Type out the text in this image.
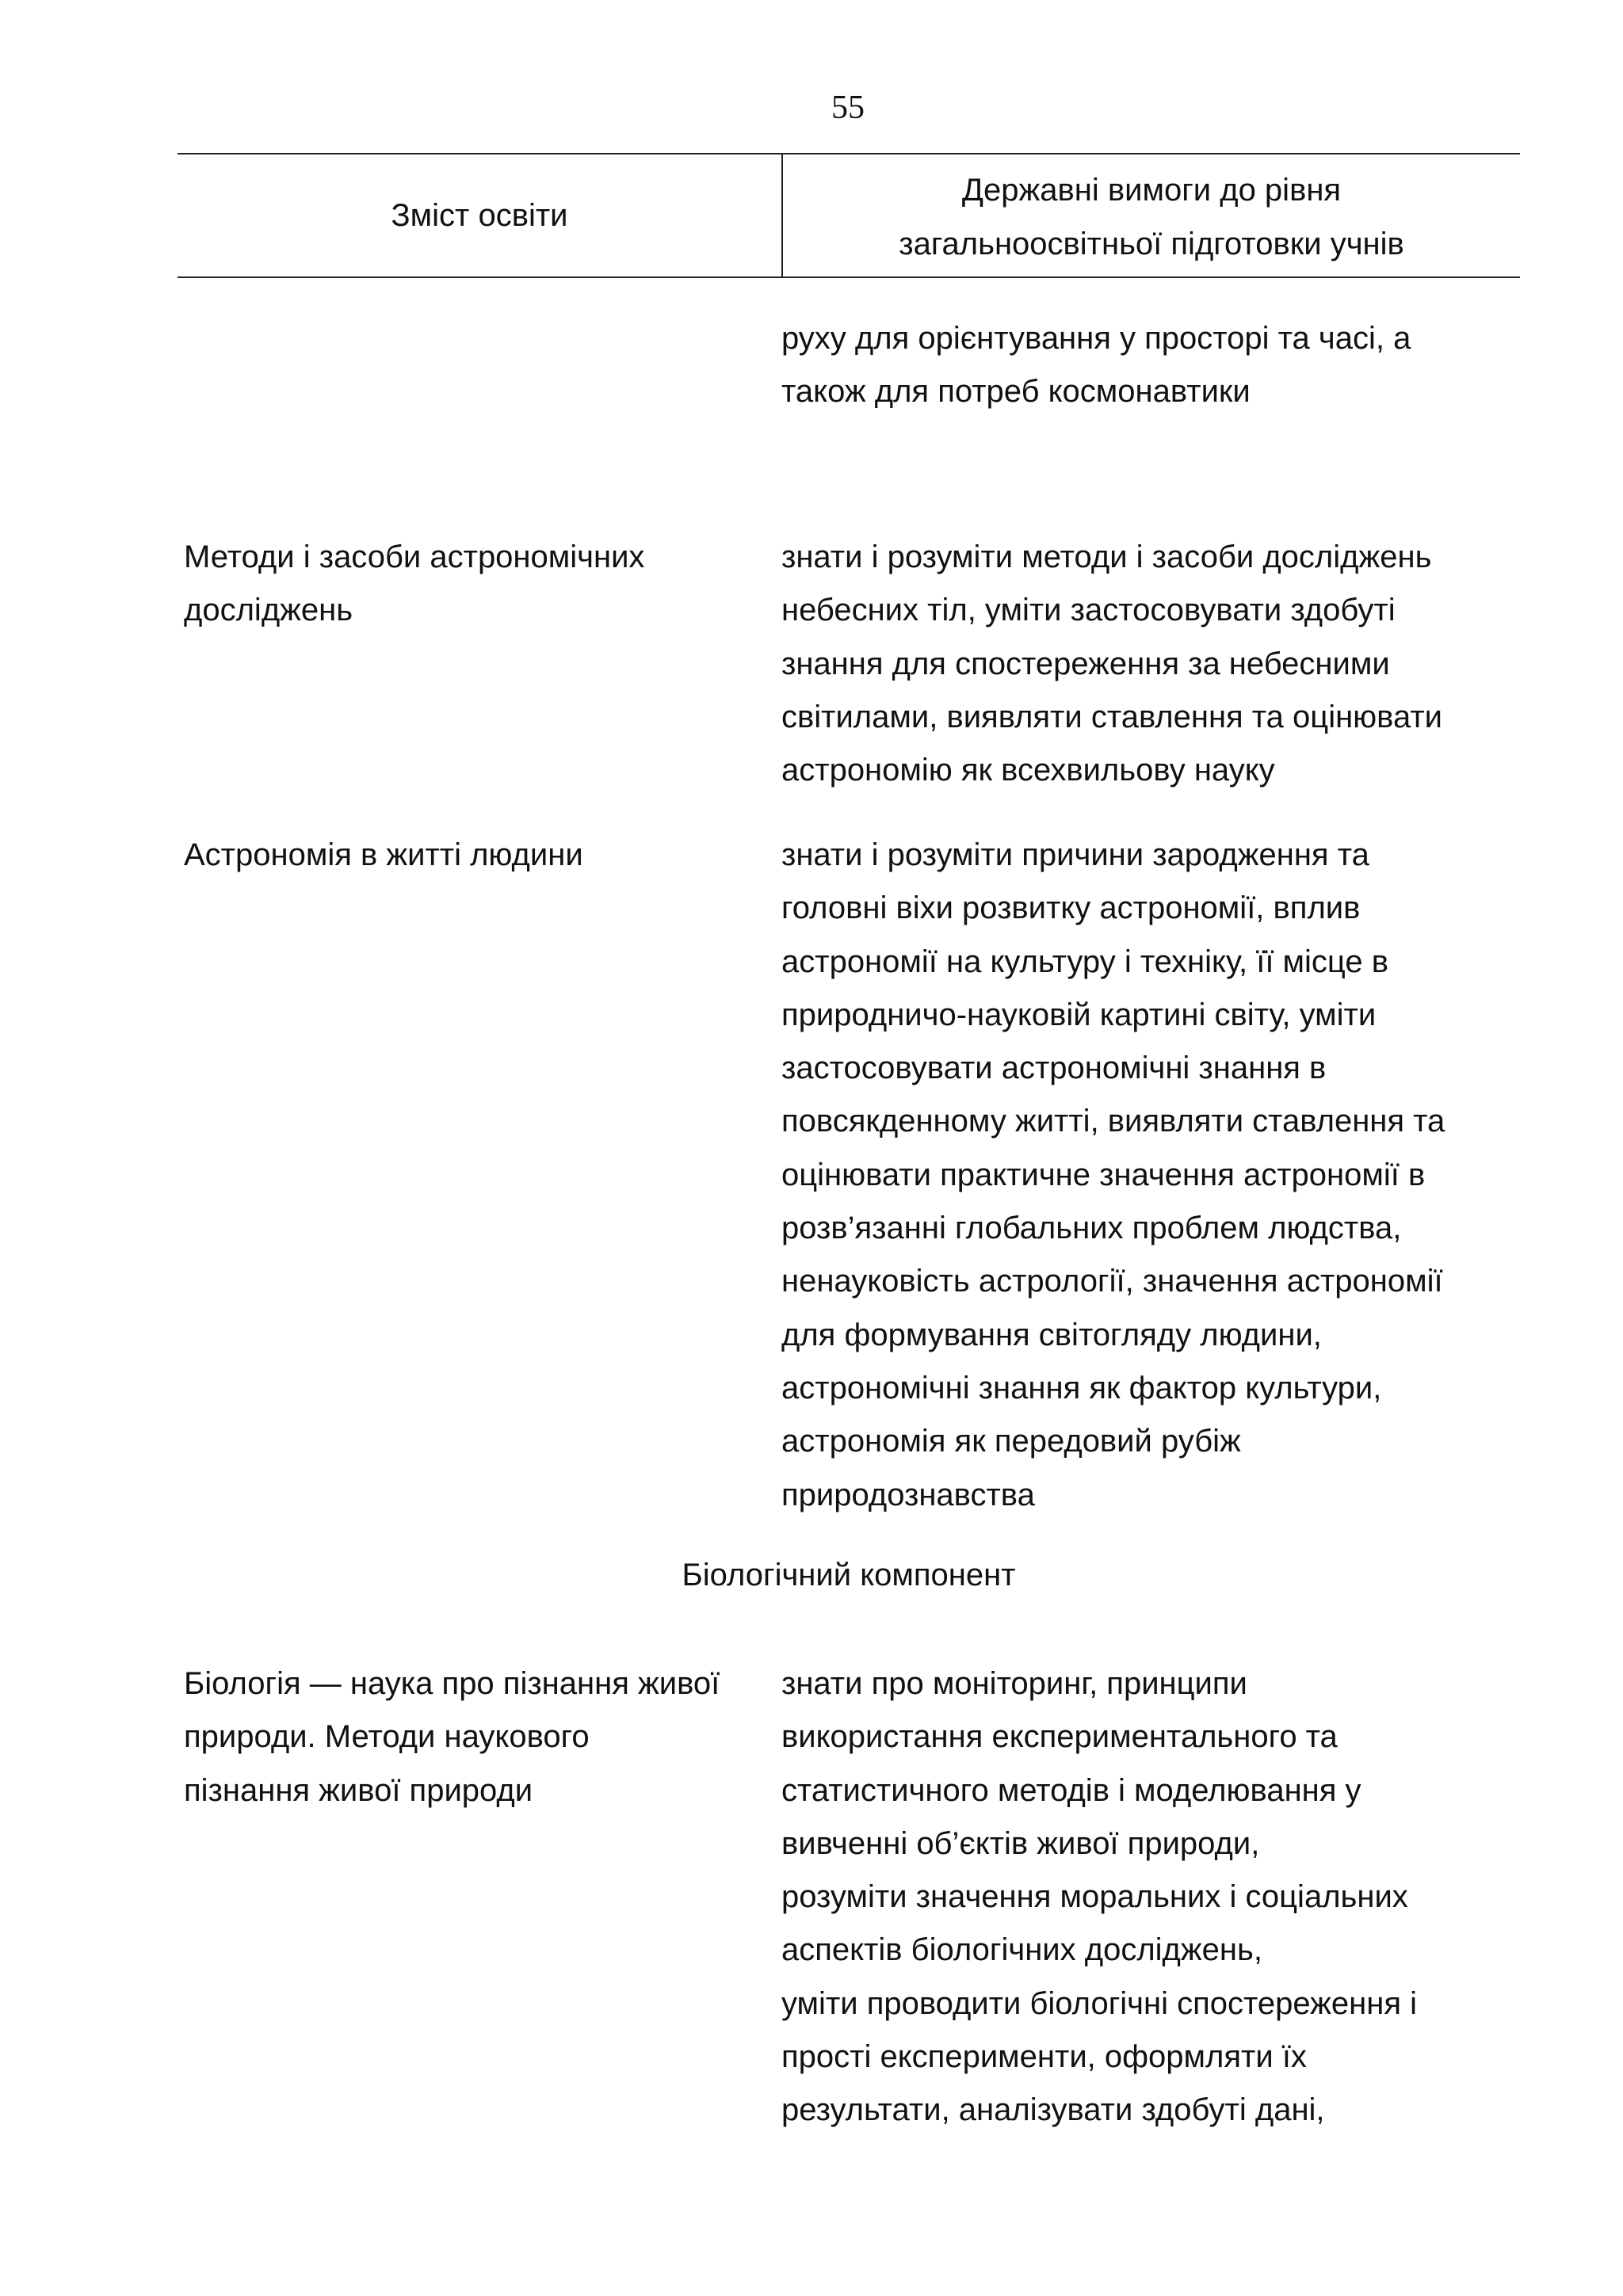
55
Зміст освіти
Державні вимоги до рівня
загальноосвітньої підготовки учнів
руху для орієнтування у просторі та часі, а
також для потреб космонавтики
Методи і засоби астрономічних
досліджень
знати і розуміти методи і засоби досліджень
небесних тіл, уміти застосовувати здобуті
знання для спостереження за небесними
світилами, виявляти ставлення та оцінювати
астрономію як всехвильову науку
Астрономія в житті людини	знати і розуміти причини зародження та
головні віхи розвитку астрономії, вплив
астрономії на культуру і техніку, її місце в
природничо-науковій картині світу, уміти
застосовувати астрономічні знання в
повсякденному житті, виявляти ставлення та
оцінювати практичне значення астрономії в
розв’язанні глобальних проблем людства,
ненауковість астрології, значення астрономії
для формування світогляду людини,
астрономічні знання як фактор культури,
астрономія як передовий рубіж
природознавства
Біологічний компонент
Біологія — наука про пізнання живої
природи. Методи наукового
пізнання живої природи
знати про моніторинг, принципи
використання експериментального та
статистичного методів і моделювання у
вивченні об’єктів живої природи,
розуміти значення моральних і соціальних
аспектів біологічних досліджень,
уміти проводити біологічні спостереження і
прості експерименти, оформляти їх
результати, аналізувати здобуті дані,
